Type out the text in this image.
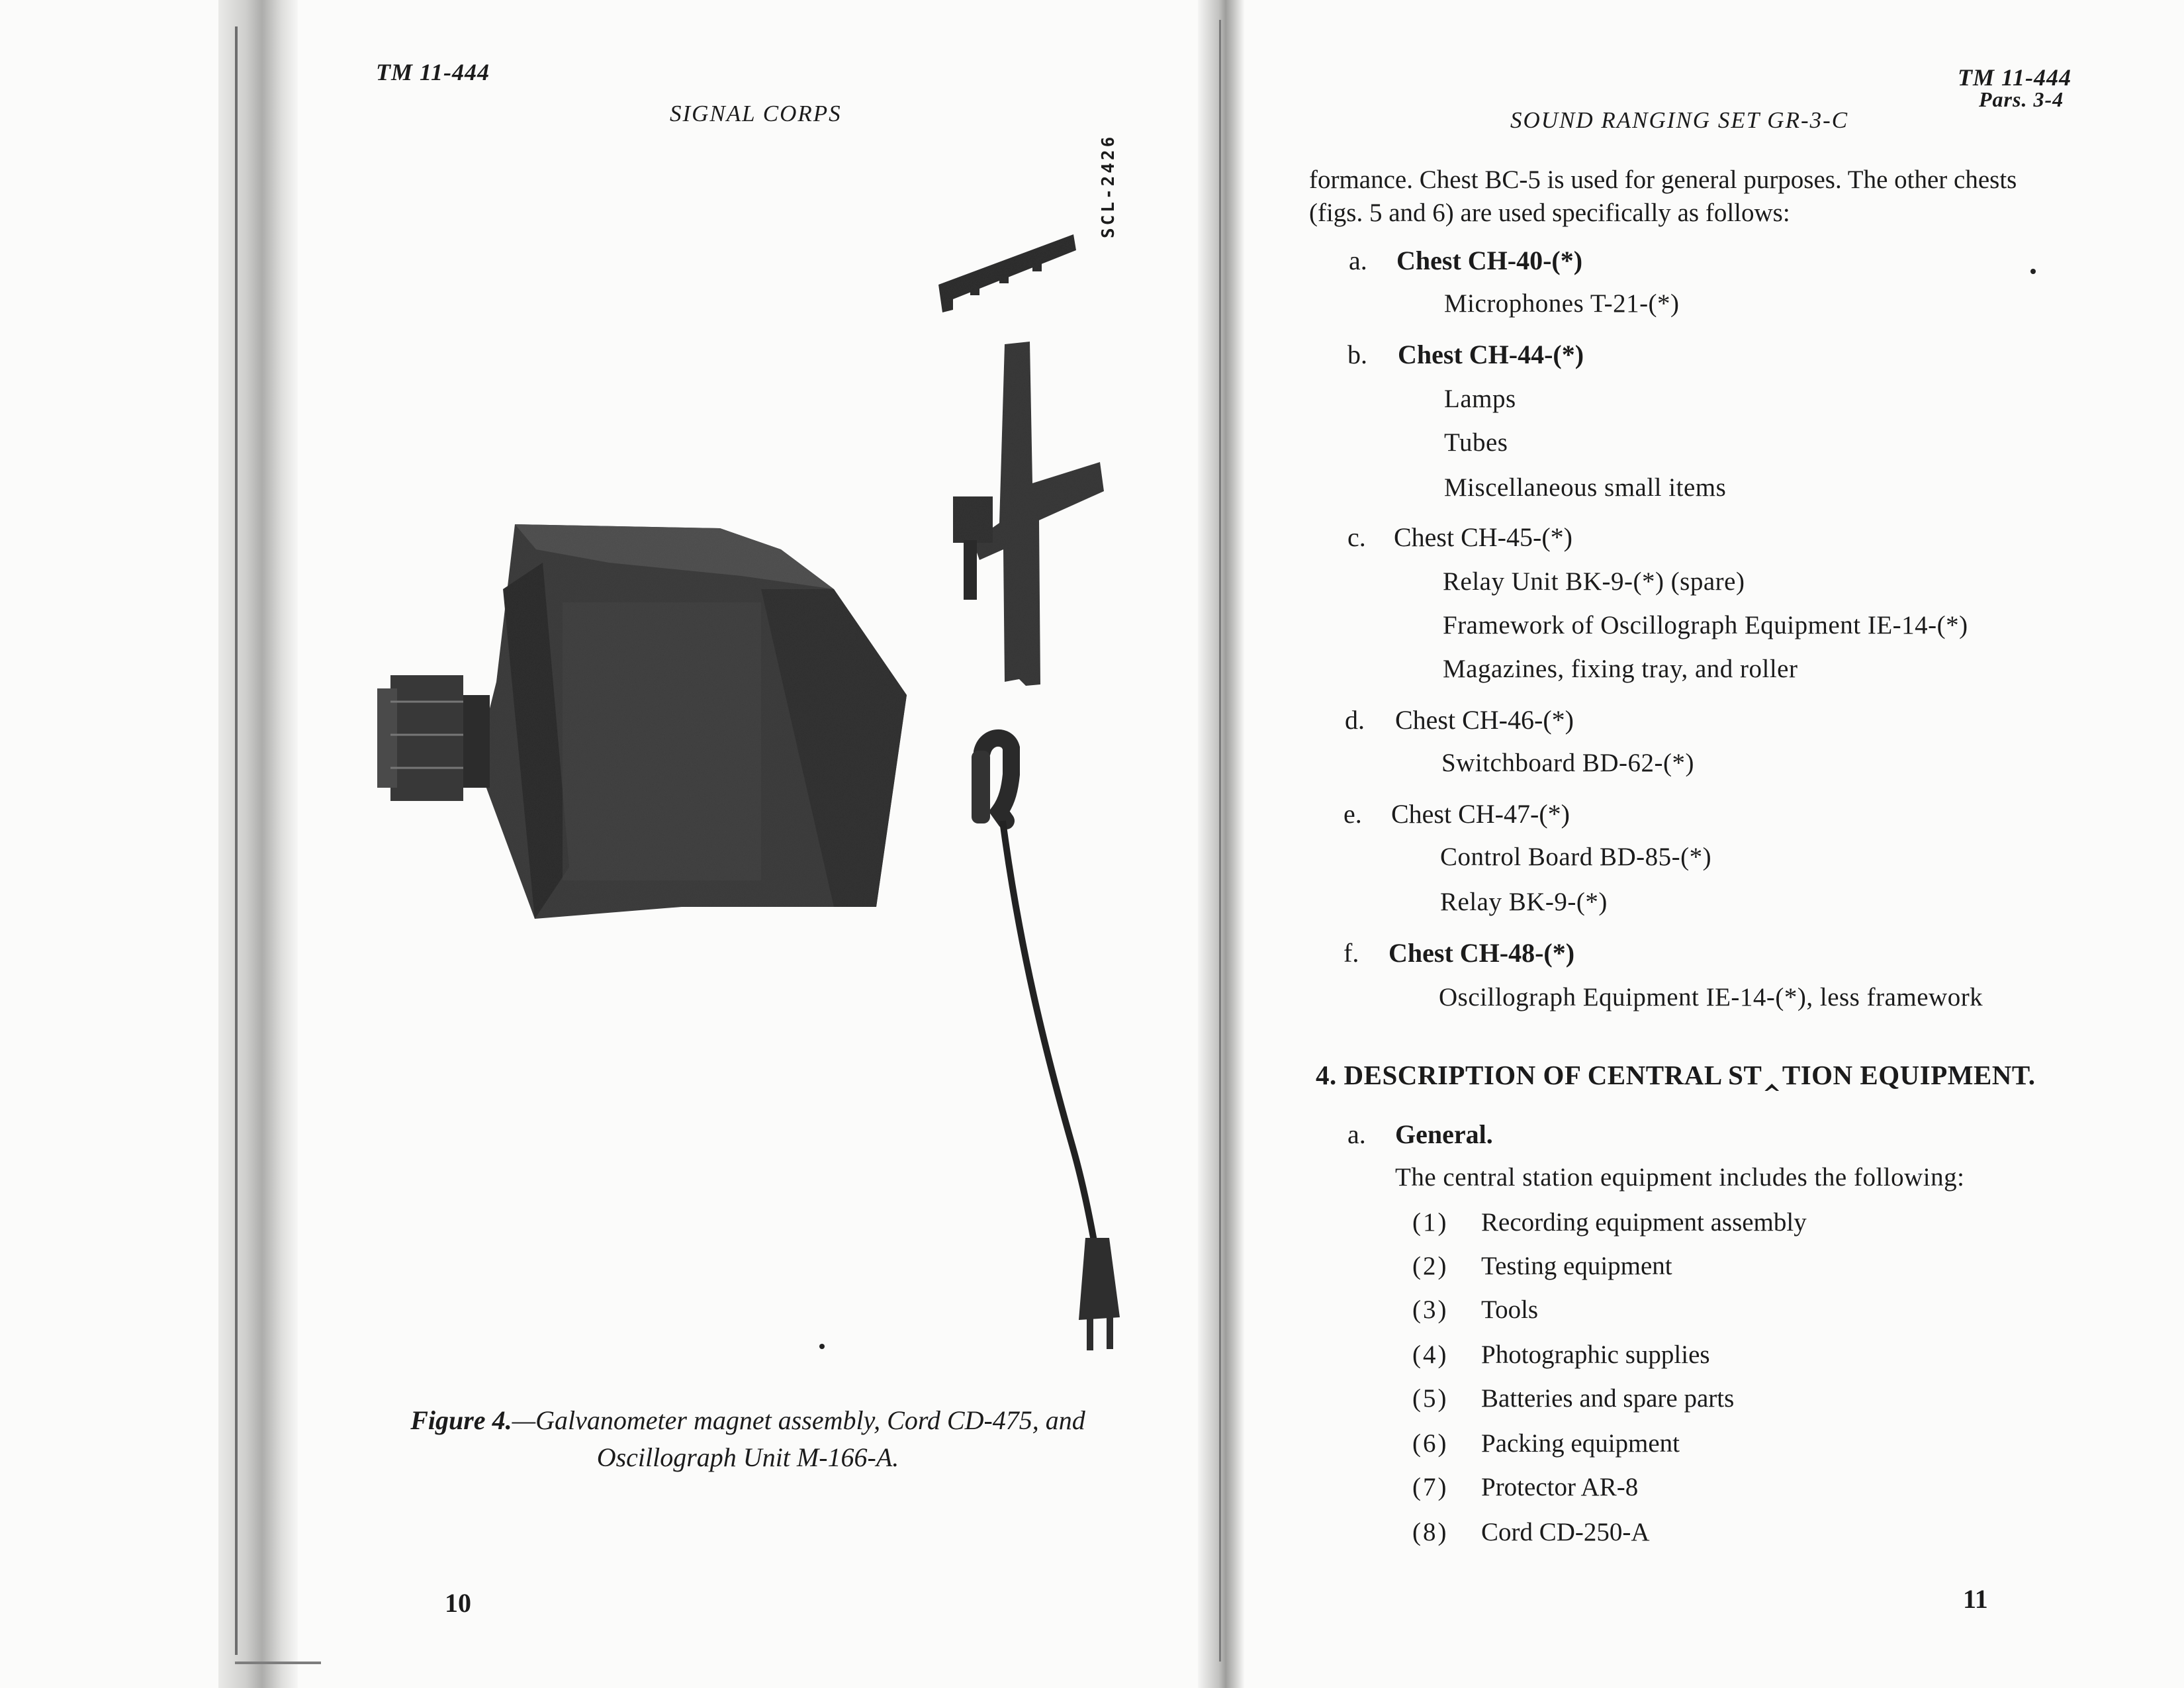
TM 11-444
SIGNAL CORPS
SCL-2426
Figure 4.—Galvanometer magnet assembly, Cord CD-475, and
Oscillograph Unit M-166-A.
10
TM 11-444
Pars. 3-4
SOUND RANGING SET GR-3-C
formance. Chest BC-5 is used for general purposes. The other chests
(figs. 5 and 6) are used specifically as follows:
a. Chest CH-40-(*)
Microphones T-21-(*)
b. Chest CH-44-(*)
Lamps
Tubes
Miscellaneous small items
c. Chest CH-45-(*)
Relay Unit BK-9-(*) (spare)
Framework of Oscillograph Equipment IE-14-(*)
Magazines, fixing tray, and roller
d. Chest CH-46-(*)
Switchboard BD-62-(*)
e. Chest CH-47-(*)
Control Board BD-85-(*)
Relay BK-9-(*)
f. Chest CH-48-(*)
Oscillograph Equipment IE-14-(*), less framework
4. DESCRIPTION OF CENTRAL ST‸TION EQUIPMENT.
a. General.
The central station equipment includes the following:
(1) Recording equipment assembly
(2) Testing equipment
(3) Tools
(4) Photographic supplies
(5) Batteries and spare parts
(6) Packing equipment
(7) Protector AR-8
(8) Cord CD-250-A
11
